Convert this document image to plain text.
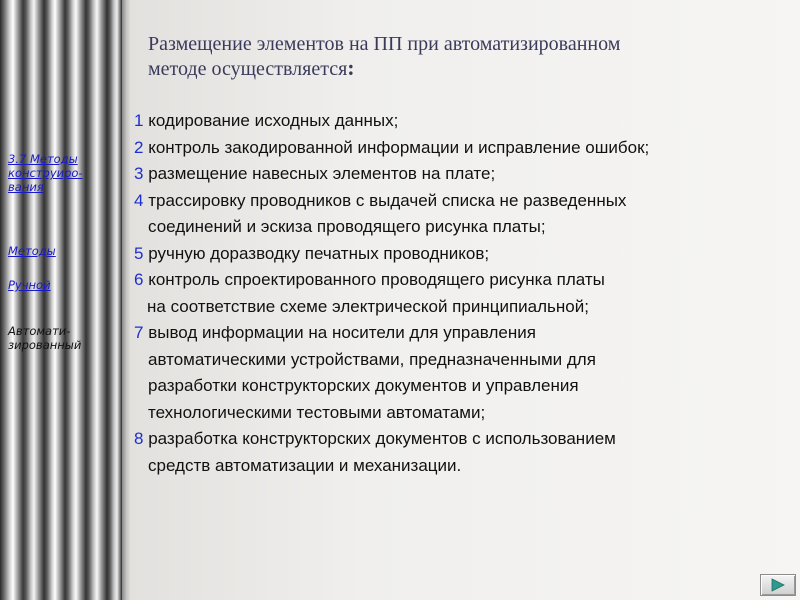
3.7 Методы конструиро-вания
Методы
Ручной
Автомати-зированный
Размещение элементов на ПП при автоматизированном
методе осуществляется:
1 кодирование исходных данных;
2 контроль закодированной информации и исправление ошибок;
3 размещение навесных элементов на плате;
4 трассировку проводников с выдачей списка не разведенных
соединений и эскиза проводящего рисунка платы;
5 ручную доразводку печатных проводников;
6 контроль спроектированного проводящего рисунка платы
на соответствие схеме электрической принципиальной;
7 вывод информации на носители для управления
автоматическими устройствами, предназначенными для
разработки конструкторских документов и управления
технологическими тестовыми автоматами;
8 разработка конструкторских документов с использованием
средств автоматизации и механизации.
